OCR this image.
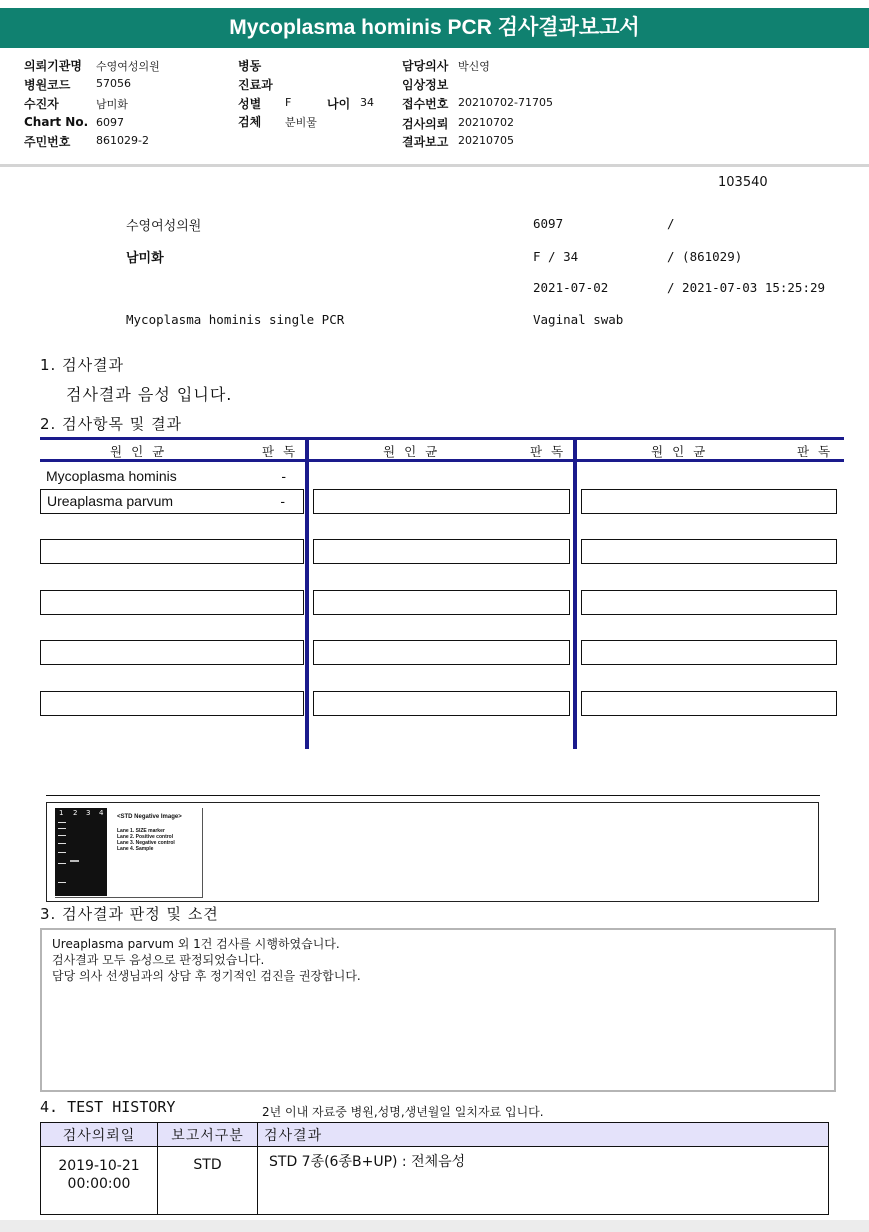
Mycoplasma hominis PCR 검사결과보고서
의뢰기관명 수영여성의원
병원코드 57056
수진자	남미화
Chart No. 6097
주민번호 861029-2
병동
진료과
성별 F	나이 34
검체 분비물
담당의사 박신영
임상정보
접수번호 20210702-71705
검사의뢰 20210702
결과보고 20210705
103540
수영여성의원	6097	/
남미화	F / 34	/ (861029)
2021-07-02	/ 2021-07-03 15:25:29
Mycoplasma hominis single PCR	Vaginal swab
1. 검사결과
검사결과 음성 입니다.
2. 검사항목 및 결과
원인균	판독	원인균	판독	원인균	판독
Mycoplasma hominis	-
Ureaplasma parvum	-
1 2 3 4 <STD Negative Image>
Lane 1. SIZE marker
Lane 2. Positive control
Lane 3. Negative control
Lane 4. Sample
3. 검사결과 판정 및 소견
Ureaplasma parvum 외 1건 검사를 시행하였습니다.
검사결과 모두 음성으로 판정되었습니다.
담당 의사 선생님과의 상담 후 정기적인 검진을 권장합니다.
4. TEST HISTORY	2년 이내 자료중 병원,성명,생년월일 일치자료 입니다.
검사의뢰일	보고서구분	검사결과

2019-10-21
00:00:00	STD	STD 7종(6종B+UP) : 전체음성
